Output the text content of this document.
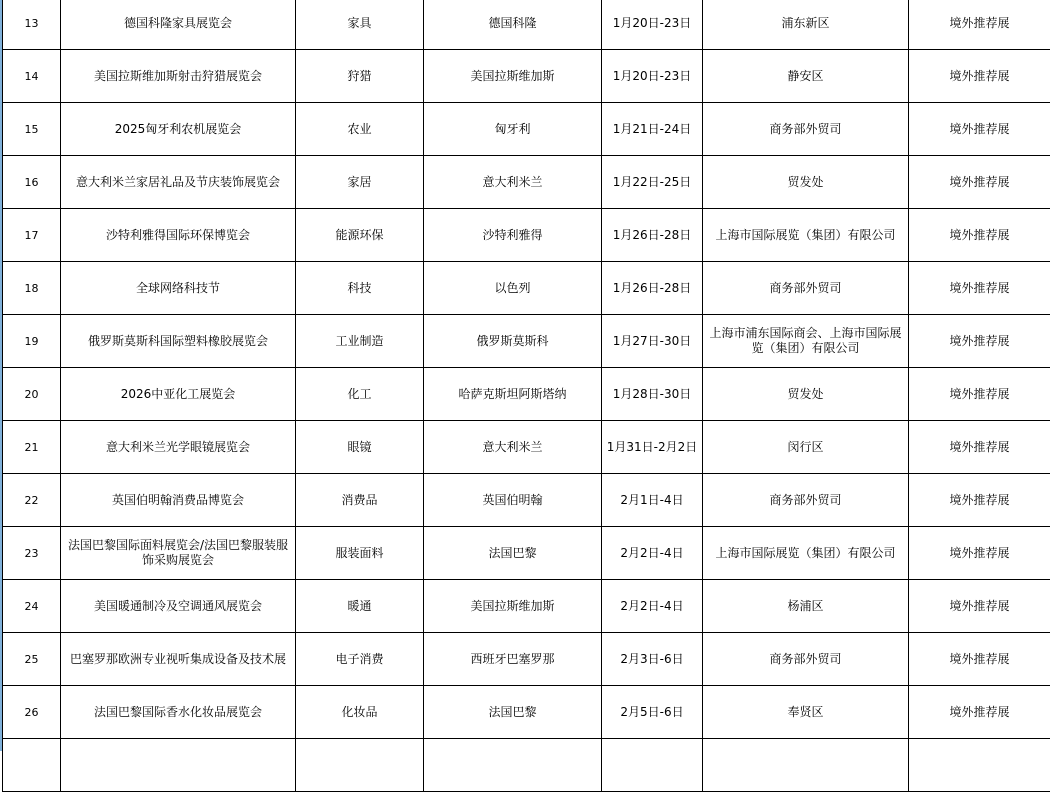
13	德国科隆家具展览会	家具	德国科隆	1月20日-23日	浦东新区	境外推荐展
14	美国拉斯维加斯射击狩猎展览会	狩猎	美国拉斯维加斯	1月20日-23日	静安区	境外推荐展
15	2025匈牙利农机展览会	农业	匈牙利	1月21日-24日	商务部外贸司	境外推荐展
16	意大利米兰家居礼品及节庆装饰展览会	家居	意大利米兰	1月22日-25日	贸发处	境外推荐展
17	沙特利雅得国际环保博览会	能源环保	沙特利雅得	1月26日-28日	上海市国际展览（集团）有限公司	境外推荐展
18	全球网络科技节	科技	以色列	1月26日-28日	商务部外贸司	境外推荐展
19	俄罗斯莫斯科国际塑料橡胶展览会	工业制造	俄罗斯莫斯科	1月27日-30日	上海市浦东国际商会、上海市国际展览（集团）有限公司	境外推荐展
20	2026中亚化工展览会	化工	哈萨克斯坦阿斯塔纳	1月28日-30日	贸发处	境外推荐展
21	意大利米兰光学眼镜展览会	眼镜	意大利米兰	1月31日-2月2日	闵行区	境外推荐展
22	英国伯明翰消费品博览会	消费品	英国伯明翰	2月1日-4日	商务部外贸司	境外推荐展
23	法国巴黎国际面料展览会/法国巴黎服装服饰采购展览会	服装面料	法国巴黎	2月2日-4日	上海市国际展览（集团）有限公司	境外推荐展
24	美国暖通制冷及空调通风展览会	暖通	美国拉斯维加斯	2月2日-4日	杨浦区	境外推荐展
25	巴塞罗那欧洲专业视听集成设备及技术展	电子消费	西班牙巴塞罗那	2月3日-6日	商务部外贸司	境外推荐展
26	法国巴黎国际香水化妆品展览会	化妆品	法国巴黎	2月5日-6日	奉贤区	境外推荐展
